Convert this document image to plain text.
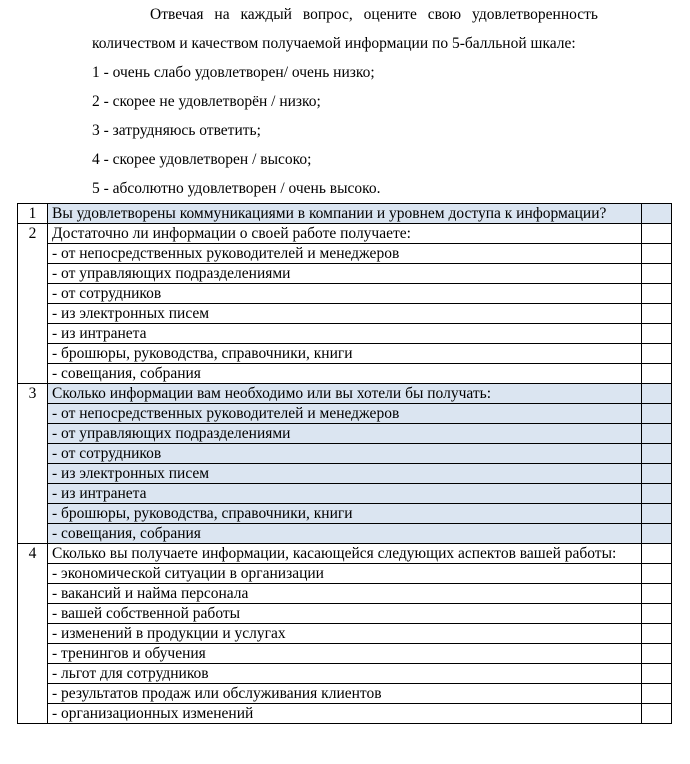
Отвечая на каждый вопрос, оцените свою удовлетворенность

количеством и качеством получаемой информации по 5-балльной шкале:

1 - очень слабо удовлетворен/ очень низко;

2 - скорее не удовлетворён / низко;

3 - затрудняюсь ответить;

4 - скорее удовлетворен / высоко;

5 - абсолютно удовлетворен / очень высоко.

1	Вы удовлетворены коммуникациями в компании и уровнем доступа к информации?	
2	Достаточно ли информации о своей работе получаете:	
	- от непосредственных руководителей и менеджеров	
	- от управляющих подразделениями	
	- от сотрудников	
	- из электронных писем	
	- из интранета	
	- брошюры, руководства, справочники, книги	
	- совещания, собрания	
3	Сколько информации вам необходимо или вы хотели бы получать:	
	- от непосредственных руководителей и менеджеров	
	- от управляющих подразделениями	
	- от сотрудников	
	- из электронных писем	
	- из интранета	
	- брошюры, руководства, справочники, книги	
	- совещания, собрания	
4	Сколько вы получаете информации, касающейся следующих аспектов вашей работы:	
	- экономической ситуации в организации	
	- вакансий и найма персонала	
	- вашей собственной работы	
	- изменений в продукции и услугах	
	- тренингов и обучения	
	- льгот для сотрудников	
	- результатов продаж или обслуживания клиентов	
	- организационных изменений	
